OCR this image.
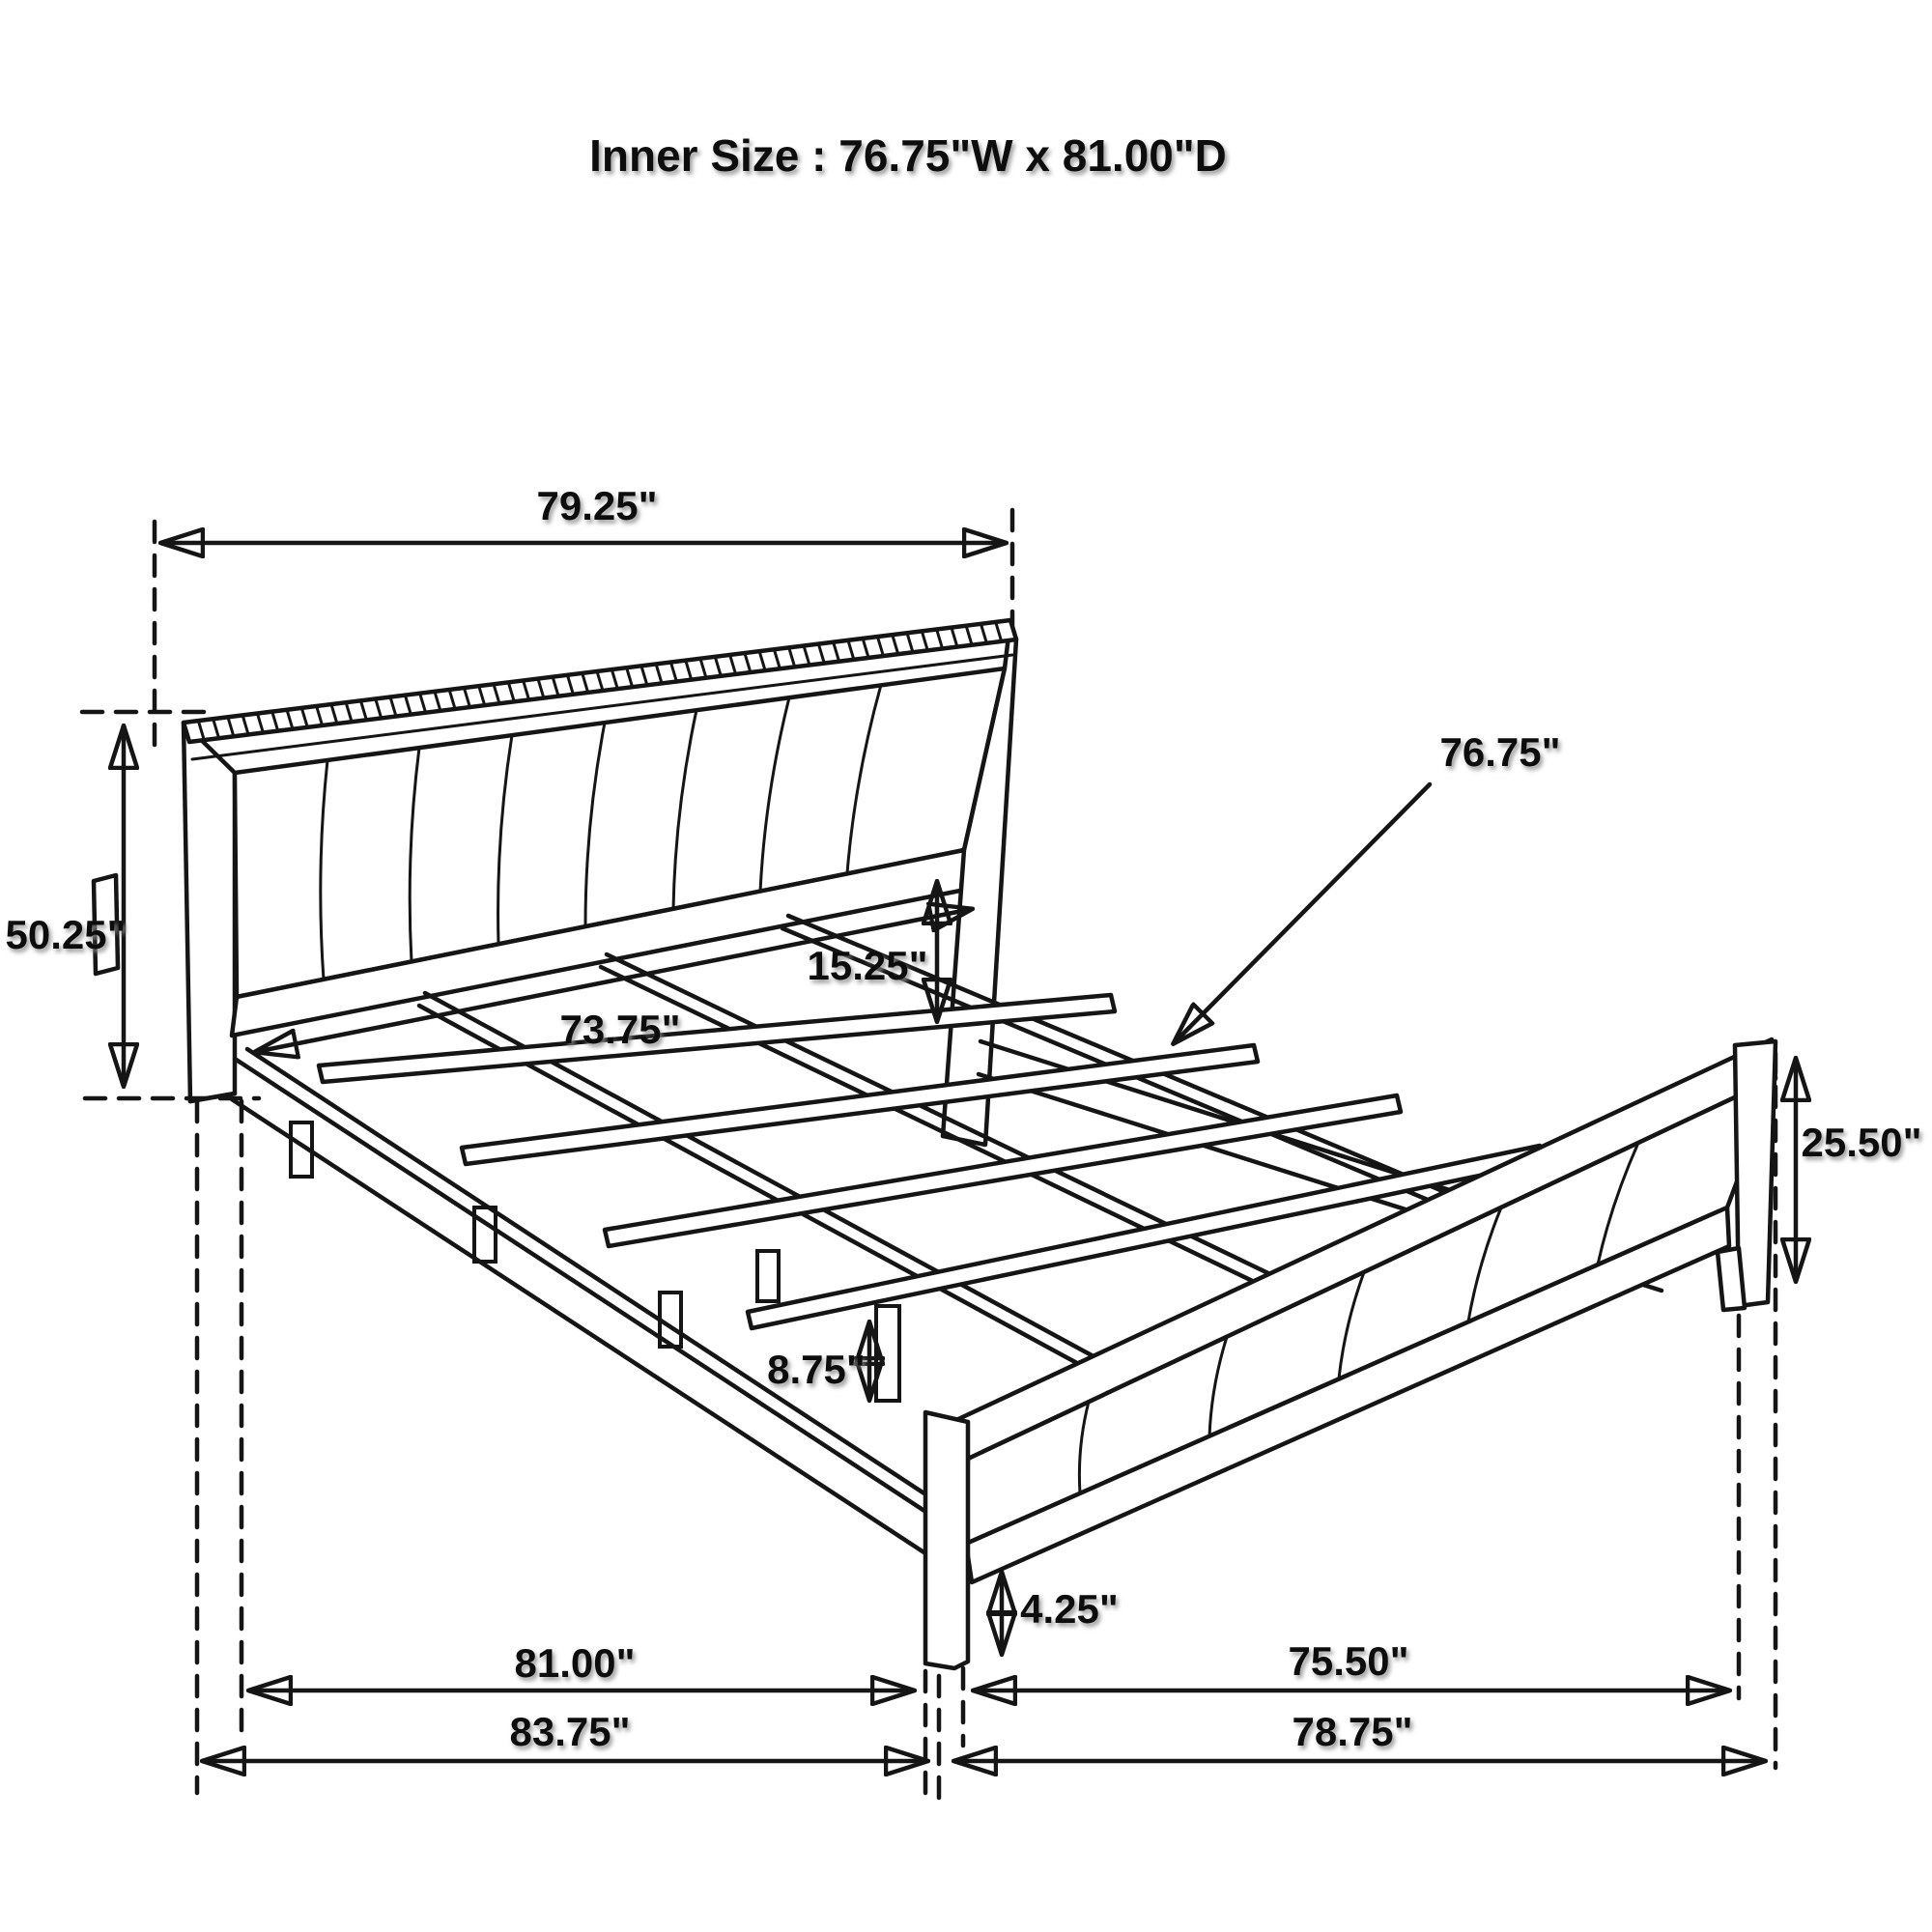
Inner Size : 76.75"W x 81.00"D
79.25"
50.25"
73.75"
15.25"
76.75"
25.50"
8.75"
4.25"
81.00"	75.50"
83.75"	78.75"
